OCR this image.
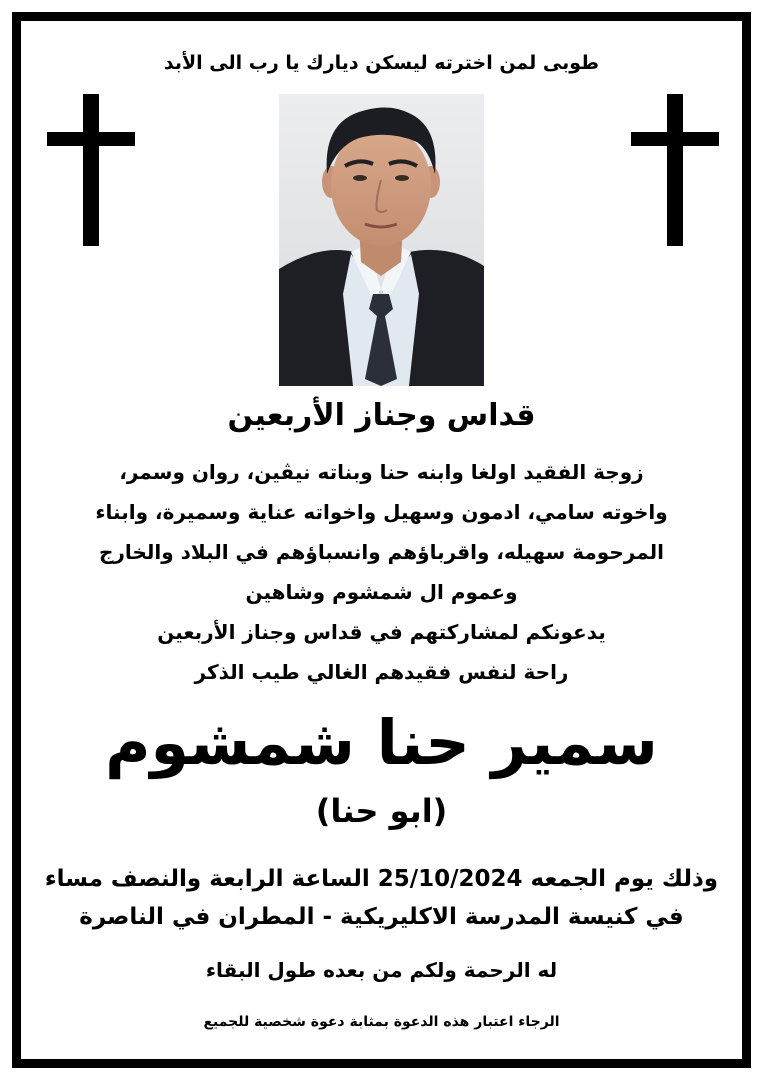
طوبى لمن اخترته ليسكن ديارك يا رب الى الأبد
قداس وجناز الأربعين
زوجة الفقيد اولغا وابنه حنا وبناته نيڤين، روان وسمر،
واخوته سامي، ادمون وسهيل واخواته عناية وسميرة، وابناء
المرحومة سهيله، واقرباؤهم وانسباؤهم في البلاد والخارج
وعموم ال شمشوم وشاهين
يدعونكم لمشاركتهم في قداس وجناز الأربعين
راحة لنفس فقيدهم الغالي طيب الذكر
سمير حنا شمشوم
(ابو حنا)
وذلك يوم الجمعه 25/10/2024 الساعة الرابعة والنصف مساء
في كنيسة المدرسة الاكليريكية - المطران في الناصرة
له الرحمة ولكم من بعده طول البقاء
الرجاء اعتبار هذه الدعوة بمثابة دعوة شخصية للجميع
